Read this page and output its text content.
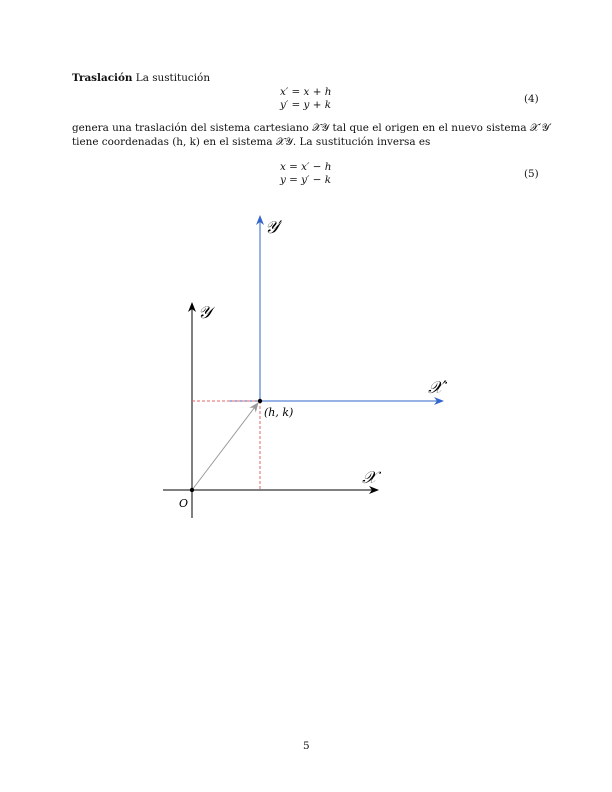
Traslación La sustitución
x′ = x + h
y′ = y + k	(4)
genera una traslación del sistema cartesiano 𝒳𝒴 tal que el origen en el nuevo sistema 𝒳′𝒴′
tiene coordenadas (h, k) en el sistema 𝒳𝒴. La sustitución inversa es
x = x′ − h
y = y′ − k	(5)
𝒴
𝒴′
𝒳′
𝒳
O
(h, k)
5
